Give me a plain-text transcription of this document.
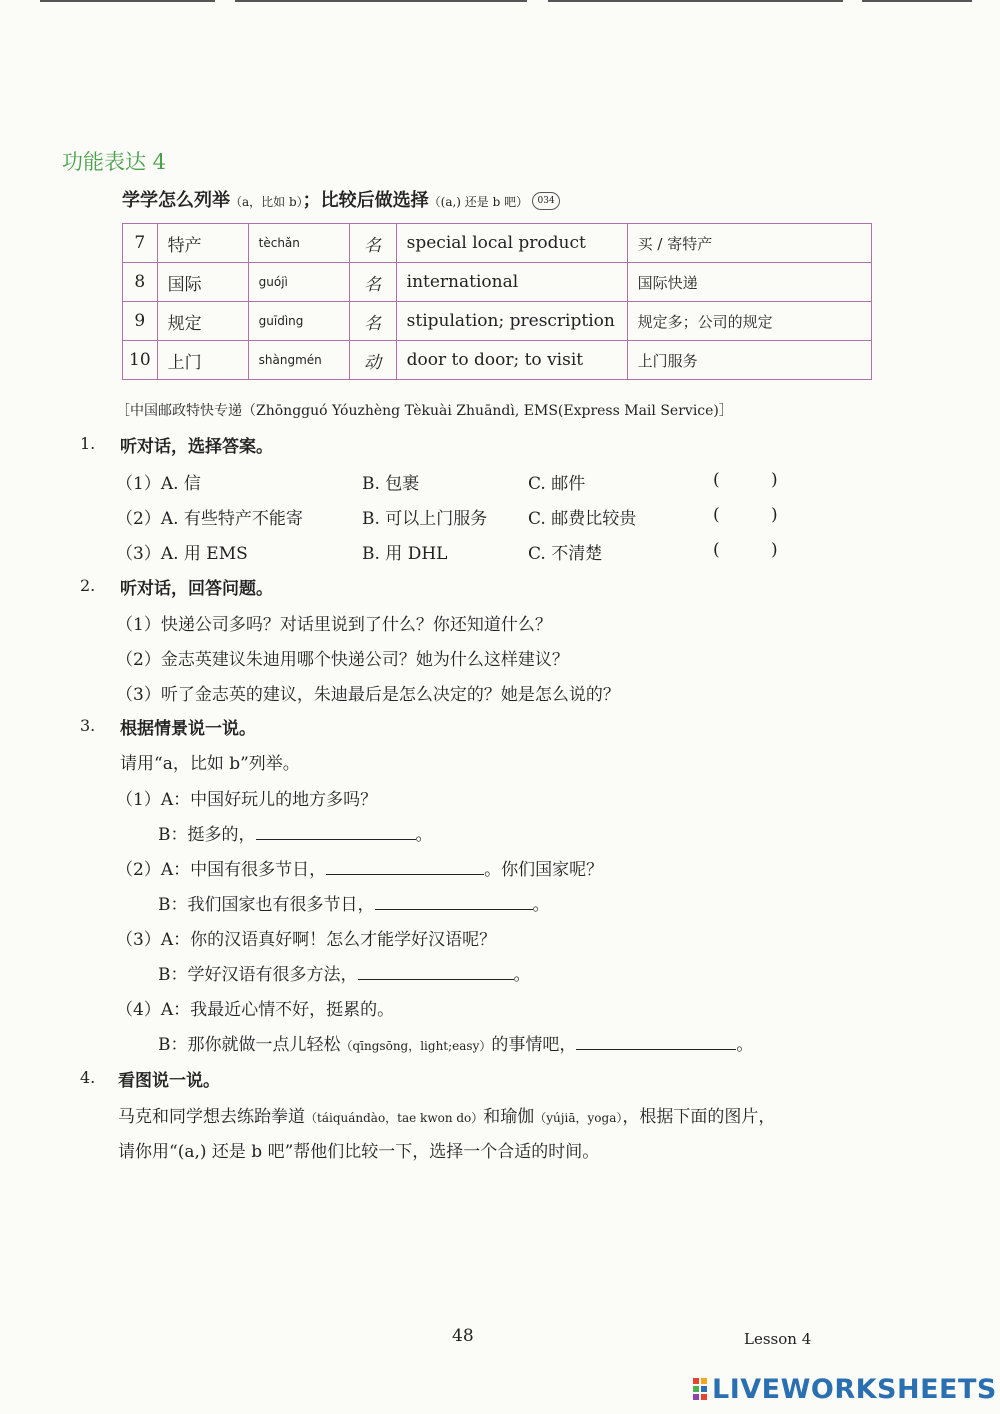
功能表达 4
学学怎么列举（a，比如 b）；比较后做选择（(a,) 还是 b 吧） 034
7	特产	tèchǎn	名	special local product	买 / 寄特产
8	国际	guójì	名	international	国际快递
9	规定	guīdìng	名	stipulation; prescription	规定多；公司的规定
10	上门	shàngmén	动	door to door; to visit	上门服务
［中国邮政特快专递（Zhōngguó Yóuzhèng Tèkuài Zhuāndì, EMS(Express Mail Service)］
1. 听对话，选择答案。
（1）A. 信	B. 包裹	C. 邮件	(	)
（2）A. 有些特产不能寄	B. 可以上门服务 C. 邮费比较贵	(	)
（3）A. 用 EMS	B. 用 DHL	C. 不清楚	(	)
2. 听对话，回答问题。
（1）快递公司多吗？对话里说到了什么？你还知道什么？
（2）金志英建议朱迪用哪个快递公司？她为什么这样建议？
（3）听了金志英的建议，朱迪最后是怎么决定的？她是怎么说的？
3. 根据情景说一说。
请用“a，比如 b”列举。
（1）A：中国好玩儿的地方多吗？
B：挺多的，	。
（2）A：中国有很多节日，	。你们国家呢？
B：我们国家也有很多节日，	。
（3）A：你的汉语真好啊！怎么才能学好汉语呢？
B：学好汉语有很多方法，	。
（4）A：我最近心情不好，挺累的。
B：那你就做一点儿轻松（qīngsōng，light;easy）的事情吧，	。
4. 看图说一说。
马克和同学想去练跆拳道（táiquándào，tae kwon do）和瑜伽（yújiā，yoga），根据下面的图片，
请你用“(a,) 还是 b 吧”帮他们比较一下，选择一个合适的时间。
48	Lesson 4
LIVEWORKSHEETS
